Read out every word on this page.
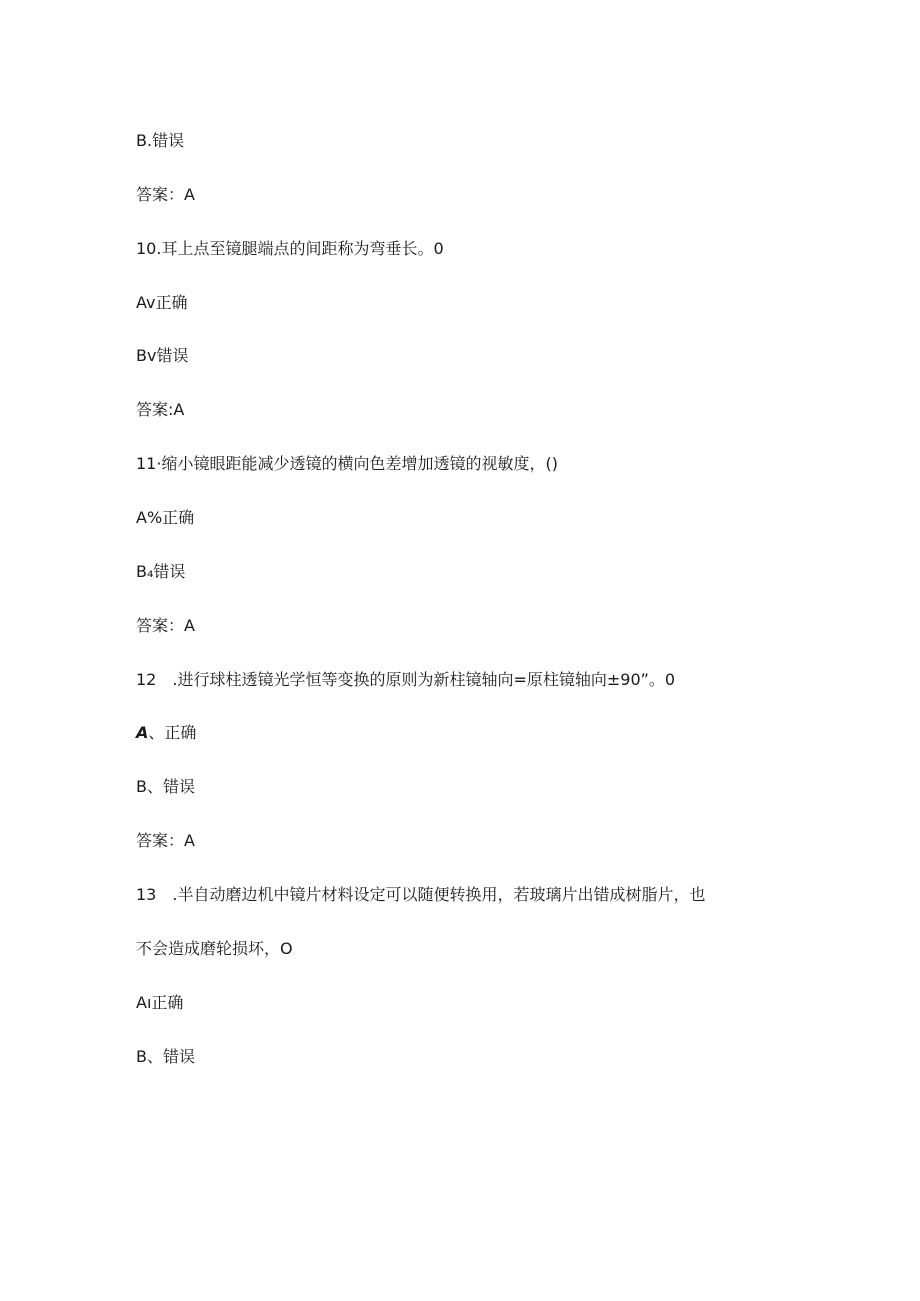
B.错误
答案：A
10.耳上点至镜腿端点的间距称为弯垂长。0
Av正确
Bv错误
答案:A
11·缩小镜眼距能减少透镜的横向色差增加透镜的视敏度，()
A%正确
B₄错误
答案：A
12　.进行球柱透镜光学恒等变换的原则为新柱镜轴向=原柱镜轴向±90”。0
A、正确
B、错误
答案：A
13　.半自动磨边机中镜片材料设定可以随便转换用，若玻璃片出错成树脂片，也
不会造成磨轮损坏，O
Aı正确
B、错误
